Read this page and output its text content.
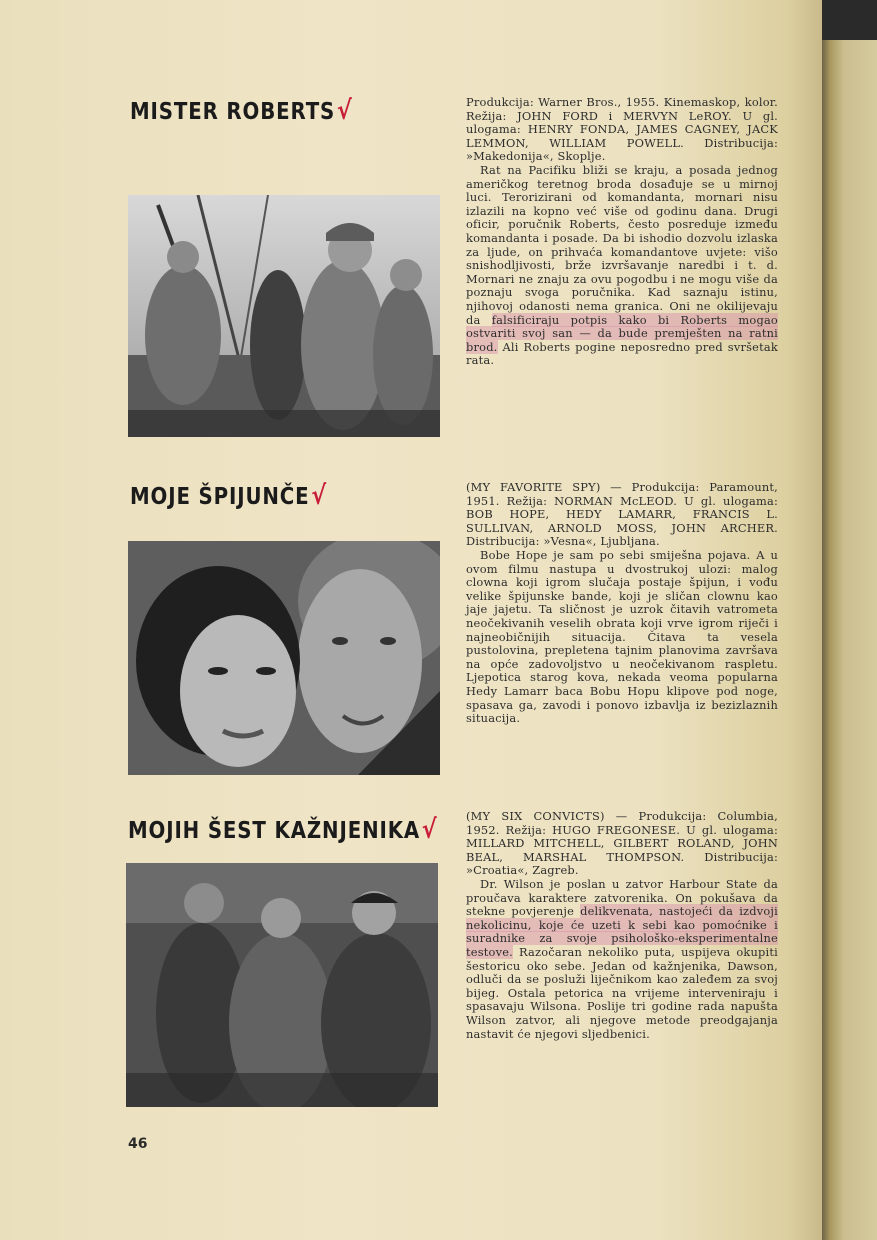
MISTER ROBERTS√	Produkcija: Warner Bros., 1955. Kinemaskop, kolor. Režija: JOHN FORD i MERVYN LeROY. U gl. ulogama: HENRY FONDA, JAMES CAGNEY, JACK LEMMON, WILLIAM POWELL. Distribucija: »Makedonija«, Skoplje.

Rat na Pacifiku bliži se kraju, a posada jednog američkog teretnog broda dosađuje se u mirnoj luci. Terorizirani od komandanta, mornari nisu izlazili na kopno već više od godinu dana. Drugi oficir, poručnik Roberts, često posreduje između komandanta i posade. Da bi ishodio dozvolu izlaska za ljude, on prihvaća komandantove uvjete: višo snishodljivosti, brže izvršavanje naredbi i t. d. Mornari ne znaju za ovu pogodbu i ne mogu više da poznaju svoga poručnika. Kad saznaju istinu, njihovoj odanosti nema granica. Oni ne okilijevaju da falsificiraju potpis kako bi Roberts mogao ostvariti svoj san — da bude premješten na ratni brod. Ali Roberts pogine neposredno pred svršetak rata.

MOJE ŠPIJUNČE√	(MY FAVORITE SPY) — Produkcija: Paramount, 1951. Režija: NORMAN McLEOD. U gl. ulogama: BOB HOPE, HEDY LAMARR, FRANCIS L. SULLIVAN, ARNOLD MOSS, JOHN ARCHER. Distribucija: »Vesna«, Ljubljana.

Bobe Hope je sam po sebi smiješna pojava. A u ovom filmu nastupa u dvostrukoj ulozi: malog clowna koji igrom slučaja postaje špijun, i vođu velike špijunske bande, koji je sličan clownu kao jaje jajetu. Ta sličnost je uzrok čitavih vatrometa neočekivanih veselih obrata koji vrve igrom riječi i najneobičnijih situacija. Čitava ta vesela pustolovina, prepletena tajnim planovima završava na opće zadovoljstvo u neočekivanom raspletu. Ljepotica starog kova, nekada veoma popularna Hedy Lamarr baca Bobu Hopu klipove pod noge, spasava ga, zavodi i ponovo izbavlja iz bezizlaznih situacija.

MOJIH ŠEST KAŽNJENIKA√ (MY SIX CONVICTS) — Produkcija: Columbia, 1952. Režija: HUGO FREGONESE. U gl. ulogama: MILLARD MITCHELL, GILBERT ROLAND, JOHN BEAL, MARSHAL THOMPSON. Distribucija: »Croatia«, Zagreb.

Dr. Wilson je poslan u zatvor Harbour State da proučava karaktere zatvorenika. On pokušava da stekne povjerenje delikvenata, nastojeći da izdvoji nekolicinu, koje će uzeti k sebi kao pomoćnike i suradnike za svoje psihološko-eksperimentalne testove. Razočaran nekoliko puta, uspijeva okupiti šestoricu oko sebe. Jedan od kažnjenika, Dawson, odluči da se posluži liječnikom kao zaleđem za svoj bijeg. Ostala petorica na vrijeme interveniraju i spasavaju Wilsona. Poslije tri godine rada napušta Wilson zatvor, ali njegove metode preodgajanja nastavit će njegovi sljedbenici.

46
